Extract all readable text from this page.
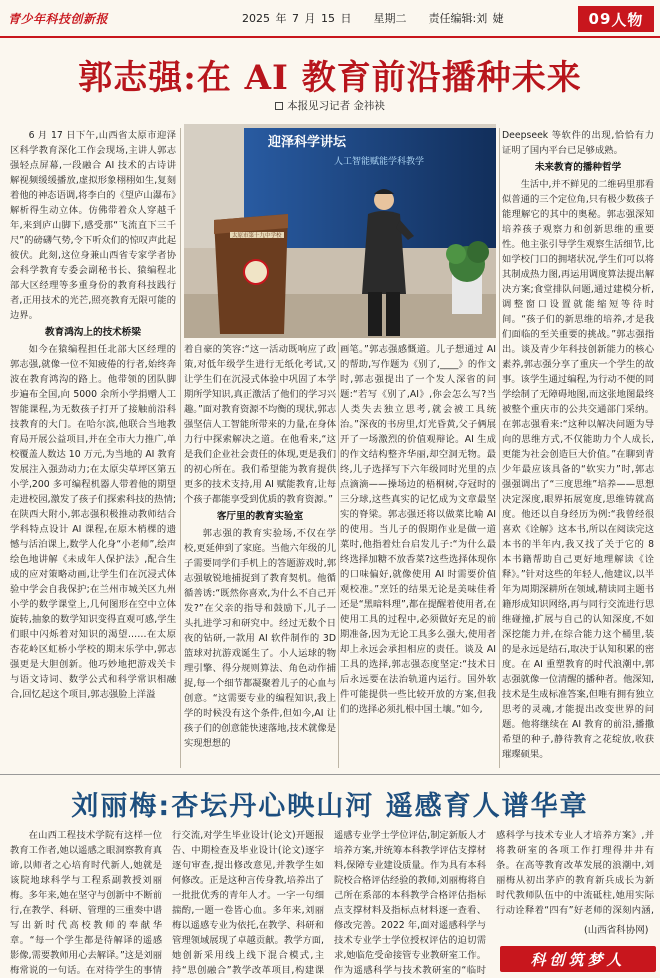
青少年科技创新报	2025 年 7 月 15 日 星期二 责任编辑:刘 婕	09 人物
郭志强:在 AI 教育前沿播种未来
本报见习记者 金祎袂

6 月 17 日下午,山西省太原市迎泽区科学教育深化工作会现场,主讲人郭志强轻点屏幕,一段融合 AI 技术的古诗讲解视频缓缓播放,虚拟形象栩栩如生,复刻着他的神态语调,将李白的《望庐山瀑布》解析得生动立体。仿佛带着众人穿越千年,来到庐山脚下,感受那“飞流直下三千尺”的磅礴气势,令下听众们的惊叹声此起彼伏。此刻,这位身兼山西省专家学者协会科学教育专委会副秘书长、猿编程北部大区经理等多重身份的教育科技践行者,正用技术的光芒,照亮教育无限可能的边界。

教育鸿沟上的技术桥梁

如今在猿编程担任北部大区经理的郭志强,就像一位不知疲倦的行者,始终奔波在教育鸿沟的路上。他带领的团队脚步遍布全国,向 5000 余所小学捐赠人工智能课程,为无数孩子打开了接触前沿科技教育的大门。在哈尔滨,他联合当地教育局开展公益项目,并在全市大力推广,单校覆盖人数达 10 万元,为当地的 AI 教育发展注入强劲动力;在太原尖草坪区第五小学,200 多可编程机器人带着他的期望走进校园,激发了孩子们探索科技的热情;在陕西大附小,郭志强积极推动教师结合学科特点设计 AI 课程,在原木梢棵的遗憾与活泊课上,数学人化身“小老师”,绘声绘色地讲解《未成年人保护法》,配合生成的应对策略动画,让学生们在沉浸式体验中学会自我保护;在兰州市城关区九州小学的数学课堂上,几何图形在空中立体旋转,抽象的数学知识变得直观可感,学生们眼中闪烁着对知识的渴望……在太原杏花岭区虹桥小学校的期末乐学中,郭志强更是大胆创新。他巧妙地把游戏关卡与语文诗词、数学公式和科学常识相融合,回忆起这个项目,郭志强脸上洋溢

迎泽科学讲坛
人工智能赋能学科教学
太原市第十九中学校

着自豪的笑容:“这一活动既响应了政策,对低年级学生进行无纸化考试,又让学生们在沉浸式体验中巩固了本学期所学知识,真正激活了他们的学习兴趣。”面对教育资源不均衡的现状,郭志强坚信人工智能所带来的力量,在身体力行中探索解决之道。在他看来,“这是我们企业社会责任的体现,更是我们的初心所在。我们希望能为教育提供更多的技术支持,用 AI 赋能教育,让每个孩子都能享受到优质的教育资源。”

客厅里的教育实验室

郭志强的教育实验场,不仅在学校,更延伸到了家庭。当他六年级的儿子需要同学们手机上的答题游戏时,郭志强敏锐地捕捉到了教育契机。他循循善诱:“既然你喜欢,为什么不自己开发?”在父亲的指导和鼓励下,儿子一头扎进学习和研究中。经过无数个日夜的钻研,一款用 AI 软件制作的 3D 篮球对抗游戏诞生了。小人运球的物理引擎、得分规则算法、角色动作捕捉,每一个细节都凝聚着儿子的心血与创意。“这需要专业的编程知识,我上学的时候没有这个条件,但如今,AI 让孩子们的创意能快速落地,技术就像是实现想想的

画笔。”郭志强感慨道。儿子想通过 AI 的帮助,写作题为《别了,____》的作文时,郭志强提出了一个发人深省的问题:“若写《别了,AI》,你会怎么写?当人类失去独立思考,就会被工具统治。”深夜的书房里,灯光昏黄,父子俩展开了一场激烈的价值观辩论。AI 生成的作文结构整齐华丽,却空洞无物。最终,儿子选择写下六年级同时光里的点点滴滴——操场边的梧桐树,夺冠时的三分球,这些真实的记忆成为文章最坚实的脊梁。郭志强还将以做菜比喻 AI 的使用。当儿子的假期作业是做一道菜时,他指着灶台启发儿子:“为什么最终选择加糖不放香菜?这些选择体现你的口味偏好,就像使用 AI 时需要价值观校准。”烹饪的结果无论是美味佳肴还是“黑暗料理”,都在提醒着使用者,在使用工具的过程中,必须做好充足的前期准备,因为无论工具多么强大,使用者却上永远会承担相应的责任。谈及 AI 工具的选择,郭志强态度坚定:“技术日后永远要在法治轨道内运行。国外软件可能提供一些比较开放的方案,但我们的选择必须扎根中国土壤。”如今,

Deepseek 等软件的出现,恰恰有力证明了国内平台已足够成熟。

未来教育的播种哲学

生活中,并不鲜见的二维码里那看似普通的三个定位角,只有极少数孩子能理解它的其中的奥秘。郭志强深知培养孩子观察力和创新思维的重要性。他主张引导学生观察生活细节,比如学校门口的拥堵状况,学生们可以将其制成热力图,再运用调度算法提出解决方案;食堂排队问题,通过建模分析,调整窗口设置就能缩短等待时间。“孩子们的新思维的培养,才是我们面临的至关重要的挑战。”郭志强指出。谈及青少年科技创新能力的核心素养,郭志强分享了重庆一个学生的故事。该学生通过编程,为行动不便的同学绘制了无障碍地图,而这张地图最终被整个重庆市的公共交通部门采纳。在郭志强看来:“这种以解决问题为导向的思维方式,不仅能助力个人成长,更能为社会创造巨大价值。”在聊到青少年最应该具备的“软实力”时,郭志强强调出了“三度思维”培养——思想决定深度,眼界拓展宽度,思维铸就高度。他还以自身经历为例:“我曾经很喜欢《诠解》这本书,所以在阅读完这本书的半年内,我又找了关于它的 8 本书籍帮助自己更好地理解读《诠释》。”针对这些的年轻人,他建议,以半年为周期深耕所在领域,精读同主题书籍形成知识网络,再与同行交流进行思维碰撞,扩展与自己的认知深度,不如深挖能力并,在综合能力这个桶里,装的是永远是结石,取决于认知积累的密度。在 AI 重塑教育的时代浪潮中,郭志强就像一位清醒的播种者。他深知,技术是生成标准答案,但唯有拥有独立思考的灵魂,才能提出改变世界的问题。他将继续在 AI 教育的前沿,播撒希望的种子,静待教育之花绽放,收获璀璨硕果。

刘丽梅:杏坛丹心映山河 遥感育人谱华章

在山西工程技术学院有这样一位教育工作者,她以遥感之眼洞察教育真谛,以师者之心培育时代新人,她就是该院地球科学与工程系副教授刘丽梅。多年来,她在坚守与创新中不断前行,在教学、科研、管理的三重奏中谱写出新时代高校教师的奉献华章。“每一个学生都是待解译的遥感影像,需要教师用心去解译。”这是刘丽梅常说的一句话。在对待学生的事情

行交流,对学生毕业设计(论文)开题报告、中期检查及毕业设计(论文)逐字逐句审查,提出修改意见,并教学生如何修改。正是这种言传身教,培养出了一批批优秀的青年人才。一字一句细揣酌,一题一卷皆心血。多年来,刘丽梅以遥感专业为依托,在教学、科研和管理领域展现了卓越贡献。教学方面,她创新采用线上线下混合模式,主持“思创融合”教学改革项目,构建课

遥感专业学士学位评估,制定新版人才培养方案,并统筹本科教学评估支撑材料,保障专业建设质量。作为具有本科院校合格评估经验的教师,刘丽梅将自己所在系部的本科教学合格评估指标点支撑材料及指标点材料逐一查看、修改完善。2022 年,面对遥感科学与技术专业学士学位授权评估的迫切需求,她临危受命接管专业教研室工作。作为遥感科学与技术教研室的“临时

感科学与技术专业人才培养方案》,并将教研室的各项工作打理得井井有条。在高等教育改革发展的浪潮中,刘丽梅从初出茅庐的教育新兵成长为新时代教师队伍中的中流砥柱,她用实际行动诠释着“四有”好老师的深刻内涵,

(山西省科协网)
科创筑梦人
